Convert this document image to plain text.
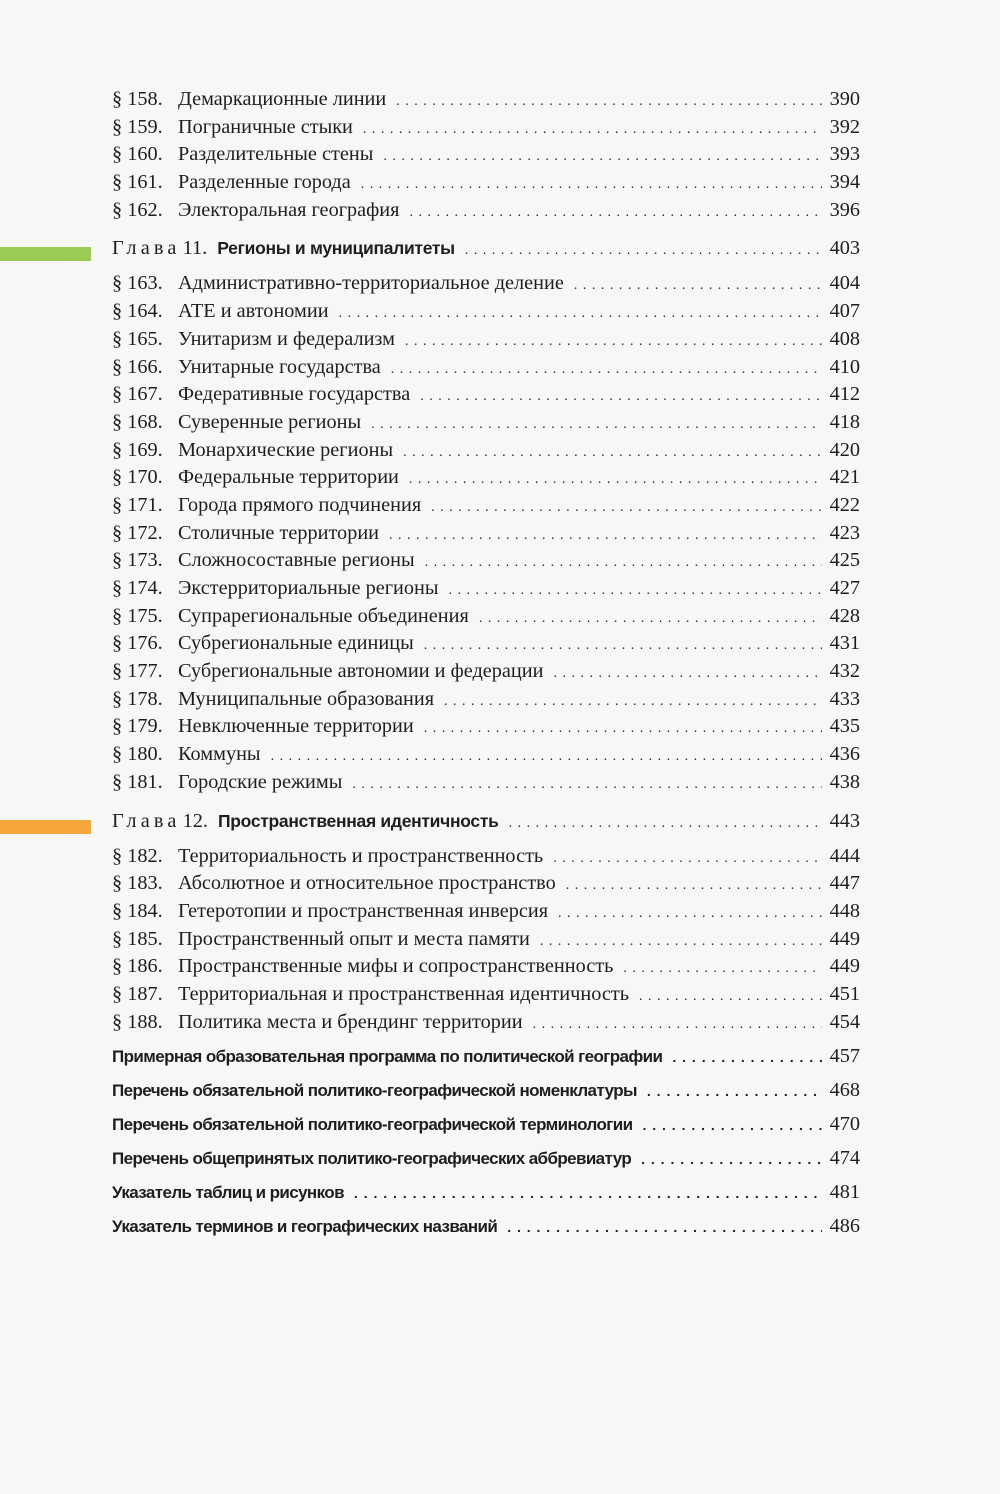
§ 158. Демаркационные линии . . .	390
§ 159. Пограничные стыки . . .	392
§ 160. Разделительные стены . . .	393
§ 161. Разделенные города . . .	394
§ 162. Электоральная география . . .	396
Глава 11. Регионы и муниципалитеты . . .	403
§ 163. Административно-территориальное деление . . .	404
§ 164. АТЕ и автономии . . .	407
§ 165. Унитаризм и федерализм . . .	408
§ 166. Унитарные государства . . .	410
§ 167. Федеративные государства . . .	412
§ 168. Суверенные регионы . . .	418
§ 169. Монархические регионы . . .	420
§ 170. Федеральные территории . . .	421
§ 171. Города прямого подчинения . . .	422
§ 172. Столичные территории . . .	423
§ 173. Сложносоставные регионы . . .	425
§ 174. Экстерриториальные регионы . . .	427
§ 175. Супрарегиональные объединения . . .	428
§ 176. Субрегиональные единицы . . .	431
§ 177. Субрегиональные автономии и федерации . . .	432
§ 178. Муниципальные образования . . .	433
§ 179. Невключенные территории . . .	435
§ 180. Коммуны . . .	436
§ 181. Городские режимы . . .	438
Глава 12. Пространственная идентичность . . .	443
§ 182. Территориальность и пространственность . . .	444
§ 183. Абсолютное и относительное пространство . . .	447
§ 184. Гетеротопии и пространственная инверсия . . .	448
§ 185. Пространственный опыт и места памяти . . .	449
§ 186. Пространственные мифы и сопространственность . . .	449
§ 187. Территориальная и пространственная идентичность . . .	451
§ 188. Политика места и брендинг территории . . .	454
Примерная образовательная программа по политической географии . . .	457
Перечень обязательной политико-географической номенклатуры . . .	468
Перечень обязательной политико-географической терминологии . . .	470
Перечень общепринятых политико-географических аббревиатур . . .	474
Указатель таблиц и рисунков . . .	481
Указатель терминов и географических названий . . .	486
